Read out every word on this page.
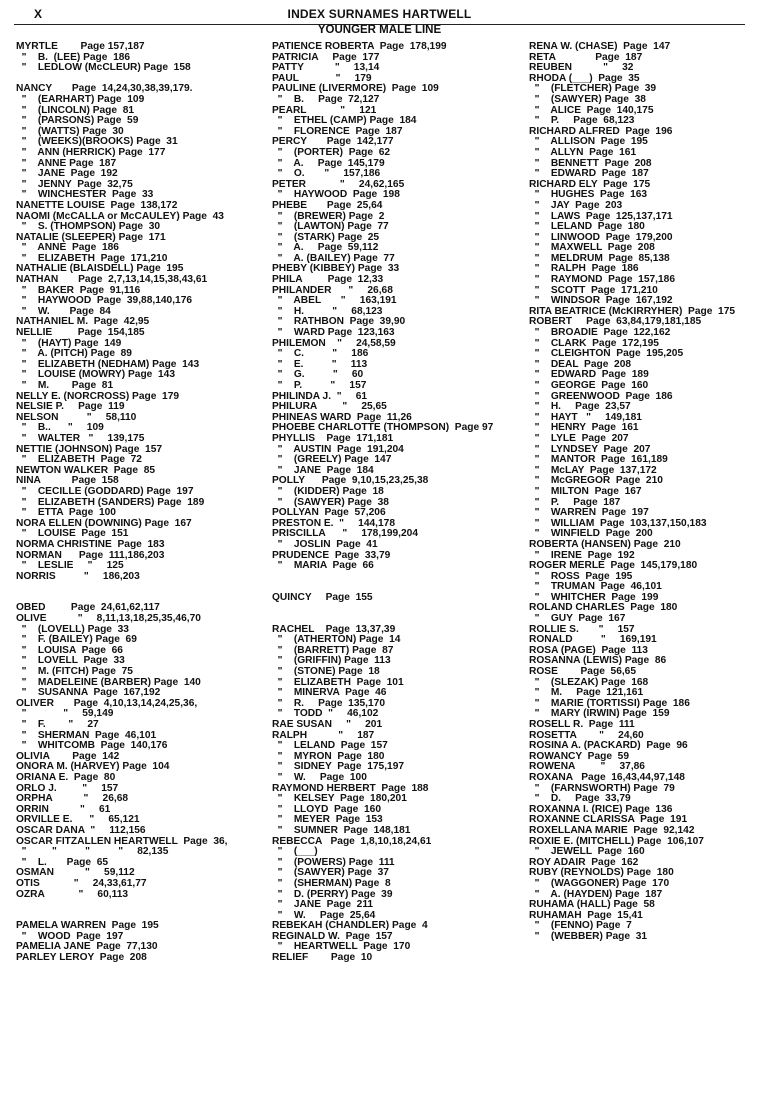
X	INDEX SURNAMES HARTWELL
YOUNGER MALE LINE
MYRTLE        Page 157,187
"    B.  (LEE) Page  186
"    LEDLOW (McCLEUR) Page  158
NANCY       Page  14,24,30,38,39,179.
"    (EARHART) Page  109
"    (LINCOLN) Page  81
"    (PARSONS) Page  59
"    (WATTS) Page  30
"    (WEEKS)(BROOKS) Page  31
"    ANN (HERRICK) Page  177
"    ANNE Page  187
"    JANE  Page  192
"    JENNY  Page  32,75
"    WINCHESTER  Page  33
NANETTE LOUISE  Page  138,172
NAOMI (McCALLA or McCAULEY) Page  43
"    S. (THOMPSON) Page  30
NATALIE (SLEEPER) Page  171
"    ANNE  Page  186
"    ELIZABETH  Page  171,210
NATHALIE (BLAISDELL) Page  195
NATHAN       Page  2,7,13,14,15,38,43,61
"    BAKER  Page  91,116
"    HAYWOOD  Page  39,88,140,176
"    W.       Page  84
NATHANIEL M.  Page  42,95
NELLIE         Page  154,185
"    (HAYT) Page  149
"    A. (PITCH) Page  89
"    ELIZABETH (NEDHAM) Page  143
"    LOUISE (MOWRY) Page  143
"    M.        Page  81
NELLY E. (NORCROSS) Page  179
NELSIE P.     Page  119
NELSON          "     58,110
"    B..      "     109
"    WALTER   "     139,175
NETTIE (JOHNSON) Page  157
"    ELIZABETH  Page  72
NEWTON WALKER  Page  85
NINA           Page  158
"    CECILLE (GODDARD) Page  197
"    ELIZABETH (SANDERS) Page  189
"    ETTA  Page  100
NORA ELLEN (DOWNING) Page  167
"    LOUISE  Page  151
NORMA CHRISTINE  Page  183
NORMAN      Page  111,186,203
"    LESLIE     "     125
NORRIS          "     186,203
OBED         Page  24,61,62,117
OLIVE           "     8,11,13,18,25,35,46,70
"    (LOVELL) Page  33
"    F. (BAILEY) Page  69
"    LOUISA  Page  66
"    LOVELL  Page  33
"    M. (FITCH) Page  75
"    MADELEINE (BARBER) Page  140
"    SUSANNA  Page  167,192
OLIVER       Page  4,10,13,14,24,25,36,
"             "     59,149
"    F.        "     27
"    SHERMAN  Page  46,101
"    WHITCOMB  Page  140,176
OLIVIA        Page  142
ONORA M. (HARVEY) Page  104
ORIANA E.  Page  80
ORLO J.         "     157
ORPHA           "     26,68
ORRIN           "     61
ORVILLE E.      "     65,121
OSCAR DANA  "     112,156
OSCAR FITZALLEN HEARTWELL  Page  36,
"         "          "          "     82,135
"    L.       Page  65
OSMAN           "     59,112
OTIS            "     24,33,61,77
OZRA            "     60,113
PAMELA WARREN  Page  195
"    WOOD  Page  197
PAMELIA JANE  Page  77,130
PARLEY LEROY  Page  208
PATIENCE ROBERTA  Page  178,199
PATRICIA     Page  177
PATTY           "     13,14
PAUL             "     179
PAULINE (LIVERMORE)  Page  109
"    B.     Page  72,127
PEARL            "     121
"    ETHEL (CAMP) Page  184
"    FLORENCE  Page  187
PERCY       Page  142,177
"    (PORTER)  Page  62
"    A.     Page  145,179
"    O.       "     157,186
PETER            "     24,62,165
"    HAYWOOD  Page  198
PHEBE       Page  25,64
"    (BREWER) Page  2
"    (LAWTON) Page  77
"    (STARK) Page  25
"    A.     Page  59,112
"    A. (BAILEY) Page  77
PHEBY (KIBBEY) Page  33
PHILA         Page  12,33
PHILANDER      "     26,68
"    ABEL       "     163,191
"    H.          "     68,123
"    RATHBON  Page  39,90
"    WARD Page  123,163
PHILEMON    "     24,58,59
"    C.          "     186
"    E.          "     113
"    G.          "     60
"    P.          "     157
PHILINDA J.  "     61
PHILURA         "     25,65
PHINEAS WARD  Page  11,26
PHOEBE CHARLOTTE (THOMPSON)  Page 97
PHYLLIS    Page  171,181
"    AUSTIN  Page  191,204
"    (GREELY) Page  147
"    JANE  Page  184
POLLY      Page  9,10,15,23,25,38
"    (KIDDER) Page  18
"    (SAWYER) Page  38
POLLYAN  Page  57,206
PRESTON E.  "     144,178
PRISCILLA      "     178,199,204
"    JOSLIN  Page  41
PRUDENCE  Page  33,79
"    MARIA  Page  66
QUINCY     Page  155
RACHEL    Page  13,37,39
"    (ATHERTON) Page  14
"    (BARRETT) Page  87
"    (GRIFFIN) Page  113
"    (STONE) Page  18
"    ELIZABETH  Page  101
"    MINERVA  Page  46
"    R.     Page  135,170
"    TODD  "     46,102
RAE SUSAN     "     201
RALPH           "     187
"    LELAND  Page  157
"    MYRON  Page  180
"    SIDNEY  Page  175,197
"    W.     Page  100
RAYMOND HERBERT  Page  188
"    KELSEY  Page  180,201
"    LLOYD  Page  160
"    MEYER  Page  153
"    SUMNER  Page  148,181
REBECCA   Page  1,8,10,18,24,61
"    (___)
"    (POWERS) Page  111
"    (SAWYER) Page  37
"    (SHERMAN) Page  8
"    D. (PERRY) Page  39
"    JANE  Page  211
"    W.     Page  25,64
REBEKAH (CHANDLER) Page  4
REGINALD W.  Page  157
"    HEARTWELL  Page  170
RELIEF        Page  10
RENA W. (CHASE)  Page  147
RETA              Page  187
REUBEN           "     32
RHODA (___)  Page  35
"    (FLETCHER) Page  39
"    (SAWYER) Page  38
"    ALICE  Page  140,175
"    P.     Page  68,123
RICHARD ALFRED  Page  196
"    ALLISON  Page  195
"    ALLYN  Page  161
"    BENNETT  Page  208
"    EDWARD  Page  187
RICHARD ELY  Page  175
"    HUGHES  Page  163
"    JAY  Page  203
"    LAWS  Page  125,137,171
"    LELAND  Page  180
"    LINWOOD  Page  179,200
"    MAXWELL  Page  208
"    MELDRUM  Page  85,138
"    RALPH  Page  186
"    RAYMOND  Page  157,186
"    SCOTT  Page  171,210
"    WINDSOR  Page  167,192
RITA BEATRICE (McKIRRYHER)  Page  175
ROBERT     Page  63,84,179,181,185
"    BROADIE  Page  122,162
"    CLARK  Page  172,195
"    CLEIGHTON  Page  195,205
"    DEAL  Page  208
"    EDWARD  Page  189
"    GEORGE  Page  160
"    GREENWOOD  Page  186
"    H.     Page  23,57
"    HAYT   "     149,181
"    HENRY  Page  161
"    LYLE  Page  207
"    LYNDSEY  Page  207
"    MANTOR  Page  161,189
"    McLAY  Page  137,172
"    McGREGOR  Page  210
"    MILTON  Page  167
"    P.     Page  187
"    WARREN  Page  197
"    WILLIAM  Page  103,137,150,183
"    WINFIELD  Page  200
ROBERTA (HANSEN) Page  210
"    IRENE  Page  192
ROGER MERLE  Page  145,179,180
"    ROSS  Page  195
"    TRUMAN  Page  46,101
"    WHITCHER  Page  199
ROLAND CHARLES  Page  180
"    GUY  Page  167
ROLLIE S.       "     157
RONALD          "     169,191
ROSA (PAGE)  Page  113
ROSANNA (LEWIS) Page  86
ROSE        Page  56,65
"    (SLEZAK) Page  168
"    M.     Page  121,161
"    MARIE (TORTISSI) Page  186
"    MARY (IRWIN) Page  159
ROSELL R.  Page  111
ROSETTA        "     24,60
ROSINA A. (PACKARD)  Page  96
ROWANCY  Page  59
ROWENA         "     37,86
ROXANA   Page  16,43,44,97,148
"    (FARNSWORTH) Page  79
"    D.     Page  33,79
ROXANNA I. (RICE) Page  136
ROXANNE CLARISSA  Page  191
ROXELLANA MARIE  Page  92,142
ROXIE E. (MITCHELL) Page  106,107
"    JEWELL  Page  160
ROY ADAIR  Page  162
RUBY (REYNOLDS) Page  180
"    (WAGGONER) Page  170
"    A. (HAYDEN) Page  187
RUHAMA (HALL) Page  58
RUHAMAH  Page  15,41
"    (FENNO) Page  7
"    (WEBBER) Page  31
